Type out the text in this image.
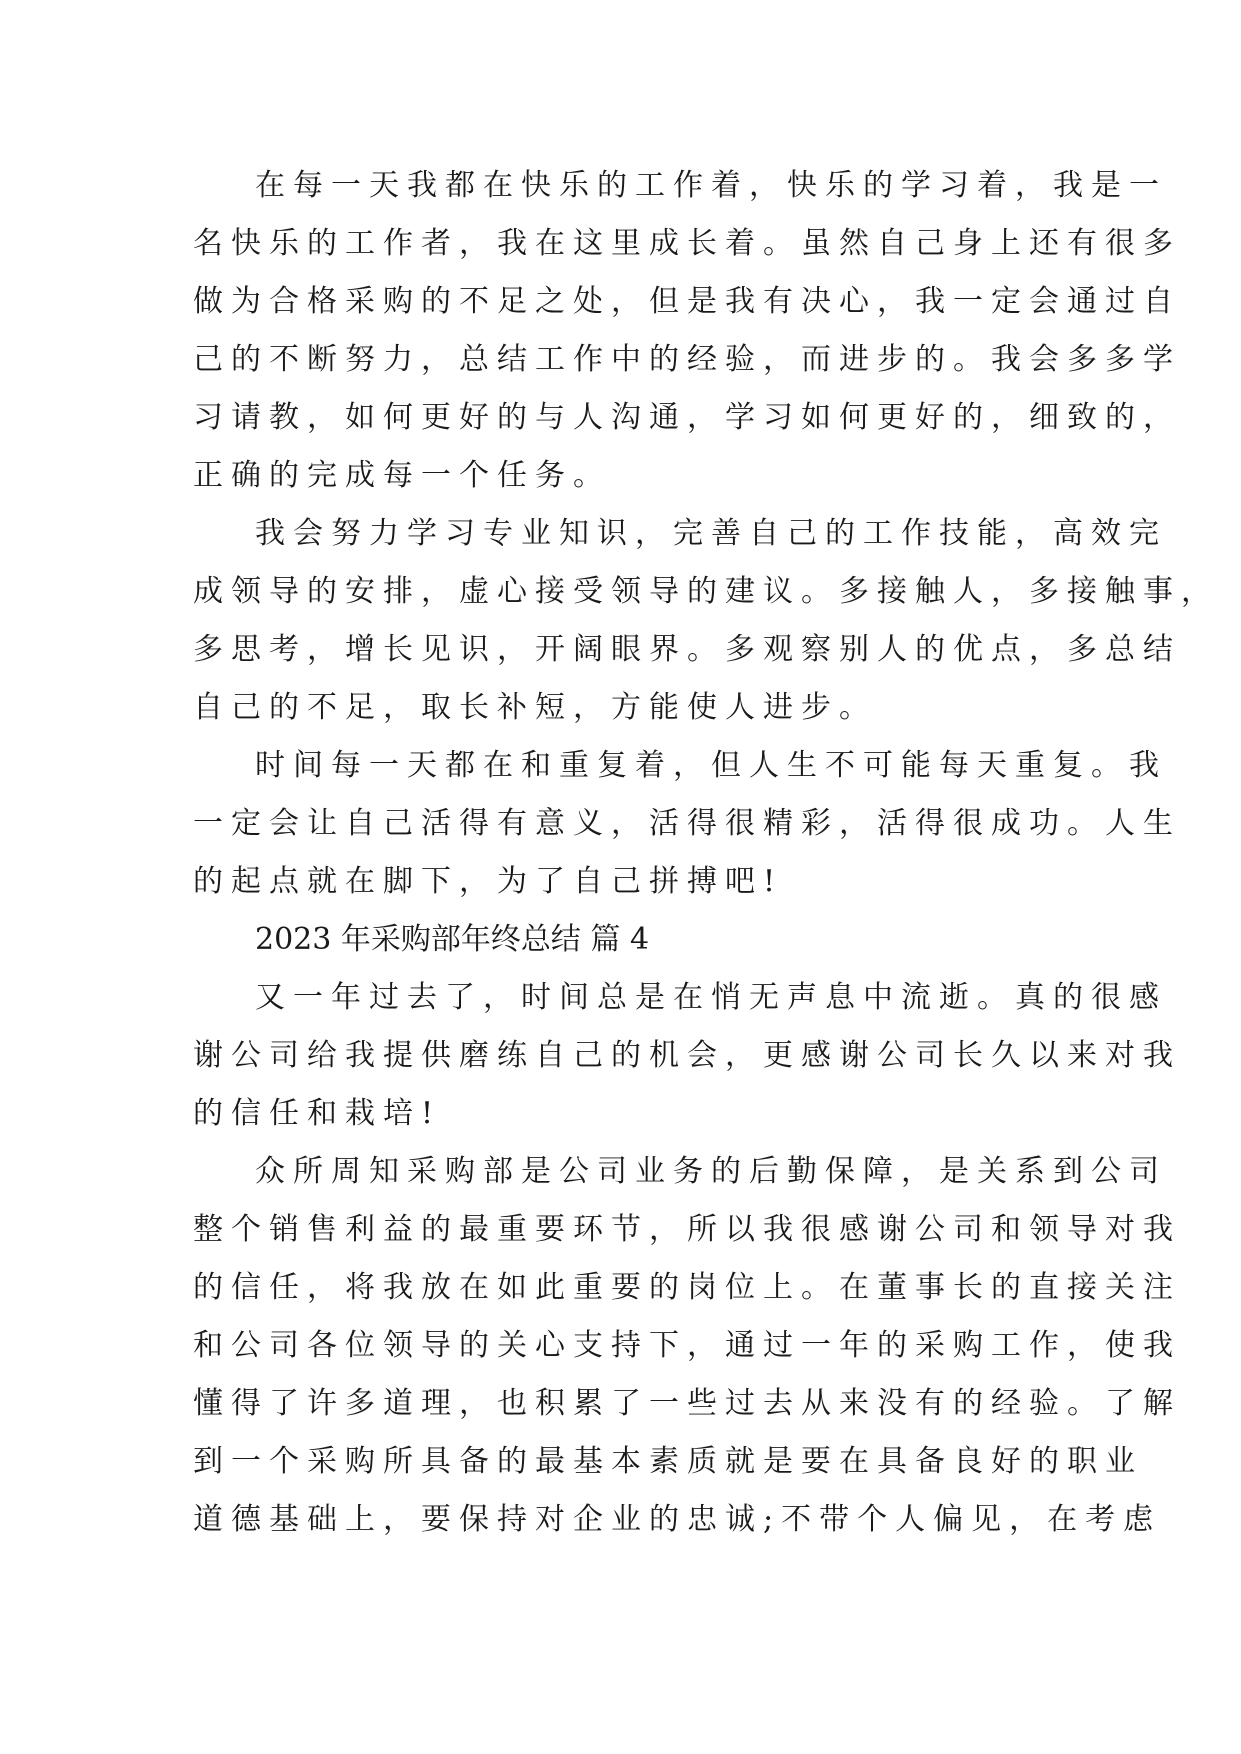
在每一天我都在快乐的工作着，快乐的学习着，我是一

名快乐的工作者，我在这里成长着。虽然自己身上还有很多

做为合格采购的不足之处，但是我有决心，我一定会通过自

己的不断努力，总结工作中的经验，而进步的。我会多多学

习请教，如何更好的与人沟通，学习如何更好的，细致的，

正确的完成每一个任务。

我会努力学习专业知识，完善自己的工作技能，高效完

成领导的安排，虚心接受领导的建议。多接触人，多接触事，

多思考，增长见识，开阔眼界。多观察别人的优点，多总结

自己的不足，取长补短，方能使人进步。

时间每一天都在和重复着，但人生不可能每天重复。我

一定会让自己活得有意义，活得很精彩，活得很成功。人生

的起点就在脚下，为了自己拼搏吧!

2023 年采购部年终总结 篇 4

又一年过去了，时间总是在悄无声息中流逝。真的很感

谢公司给我提供磨练自己的机会，更感谢公司长久以来对我

的信任和栽培!

众所周知采购部是公司业务的后勤保障，是关系到公司

整个销售利益的最重要环节，所以我很感谢公司和领导对我

的信任，将我放在如此重要的岗位上。在董事长的直接关注

和公司各位领导的关心支持下，通过一年的采购工作，使我

懂得了许多道理，也积累了一些过去从来没有的经验。了解

到一个采购所具备的最基本素质就是要在具备良好的职业

道德基础上，要保持对企业的忠诚;不带个人偏见，在考虑
